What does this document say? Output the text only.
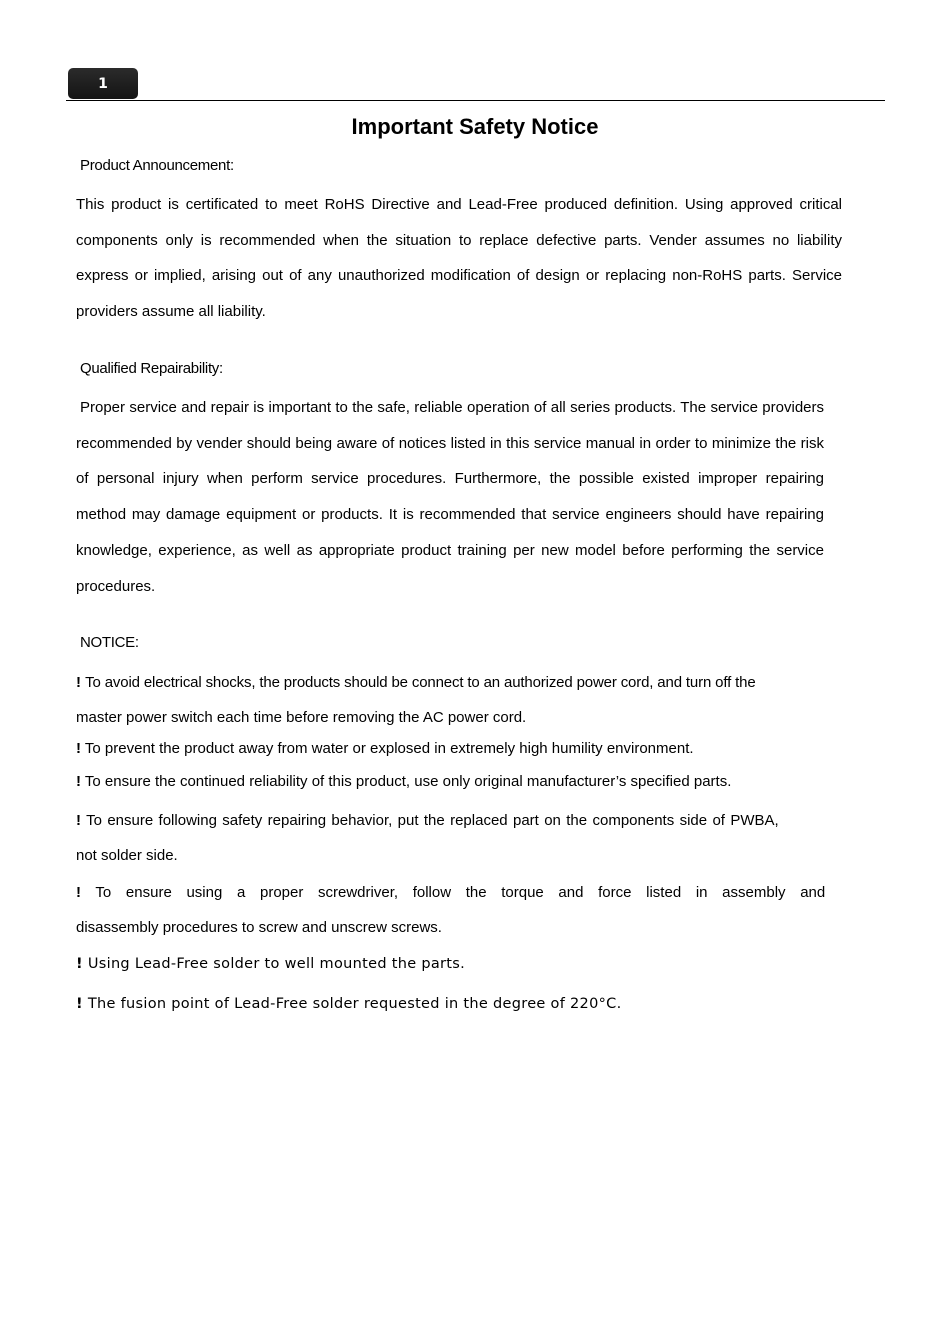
1
Important Safety Notice
Product Announcement:
This product is certificated to meet RoHS Directive and Lead-Free produced definition. Using approved critical components only is recommended when the situation to replace defective parts. Vender assumes no liability express or implied, arising out of any unauthorized modification of design or replacing non-RoHS parts. Service providers assume all liability.
Qualified Repairability:
Proper service and repair is important to the safe, reliable operation of all series products. The service providers recommended by vender should being aware of notices listed in this service manual in order to minimize the risk of personal injury when perform service procedures. Furthermore, the possible existed improper repairing method may damage equipment or products. It is recommended that service engineers should have repairing knowledge, experience, as well as appropriate product training per new model before performing the service procedures.
NOTICE:
! To avoid electrical shocks, the products should be connect to an authorized power cord, and turn off the
master power switch each time before removing the AC power cord.
! To prevent the product away from water or explosed in extremely high humility environment.
! To ensure the continued reliability of this product, use only original manufacturer’s specified parts.
! To ensure following safety repairing behavior, put the replaced part on the components side of PWBA,
not solder side.
! To ensure using a proper screwdriver, follow the torque and force listed in assembly and
disassembly procedures to screw and unscrew screws.
! Using Lead-Free solder to well mounted the parts.
! The fusion point of Lead-Free solder requested in the degree of 220°C.
